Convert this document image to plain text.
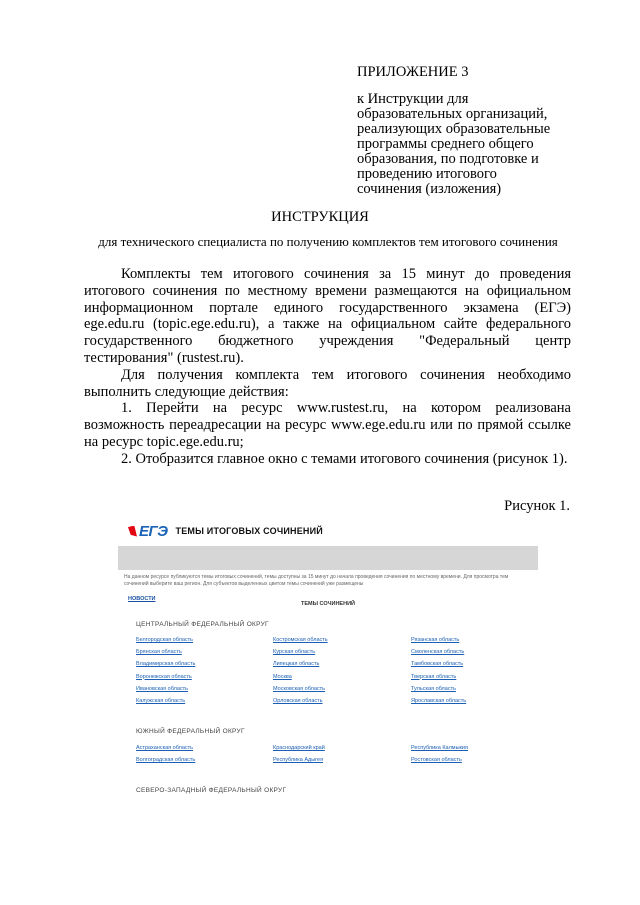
ПРИЛОЖЕНИЕ 3
к Инструкции для
образовательных организаций,
реализующих образовательные
программы среднего общего
образования, по подготовке и
проведению итогового
сочинения (изложения)
ИНСТРУКЦИЯ
для технического специалиста по получению комплектов тем итогового сочинения

Комплекты тем итогового сочинения за 15 минут до проведения итогового сочинения по местному времени размещаются на официальном информационном портале единого государственного экзамена (ЕГЭ) ege.edu.ru (topic.ege.edu.ru), а также на официальном сайте федерального государственного бюджетного учреждения "Федеральный центр тестирования" (rustest.ru).

Для получения комплекта тем итогового сочинения необходимо выполнить следующие действия:

1. Перейти на ресурс www.rustest.ru, на котором реализована возможность переадресации на ресурс www.ege.edu.ru или по прямой ссылке на ресурс topic.ege.edu.ru;

2. Отобразится главное окно с темами итогового сочинения (рисунок 1).

Рисунок 1.
ЕГЭ ТЕМЫ ИТОГОВЫХ СОЧИНЕНИЙ
На данном ресурсе публикуются темы итоговых сочинений, темы доступны за 15 минут до начала проведения сочинения по местному времени. Для просмотра тем сочинений выберите ваш регион. Для субъектов выделенных цветом темы сочинений уже размещены
НОВОСТИ
ТЕМЫ СОЧИНЕНИЙ
ЦЕНТРАЛЬНЫЙ ФЕДЕРАЛЬНЫЙ ОКРУГ
Белгородская область
Брянская область
Владимирская область
Воронежская область
Ивановская область
Калужская область
Костромская область
Курская область
Липецкая область
Москва
Московская область
Орловская область
Рязанская область
Смоленская область
Тамбовская область
Тверская область
Тульская область
Ярославская область
ЮЖНЫЙ ФЕДЕРАЛЬНЫЙ ОКРУГ
Астраханская область
Волгоградская область
Краснодарский край
Республика Адыгея
Республика Калмыкия
Ростовская область
СЕВЕРО-ЗАПАДНЫЙ ФЕДЕРАЛЬНЫЙ ОКРУГ
